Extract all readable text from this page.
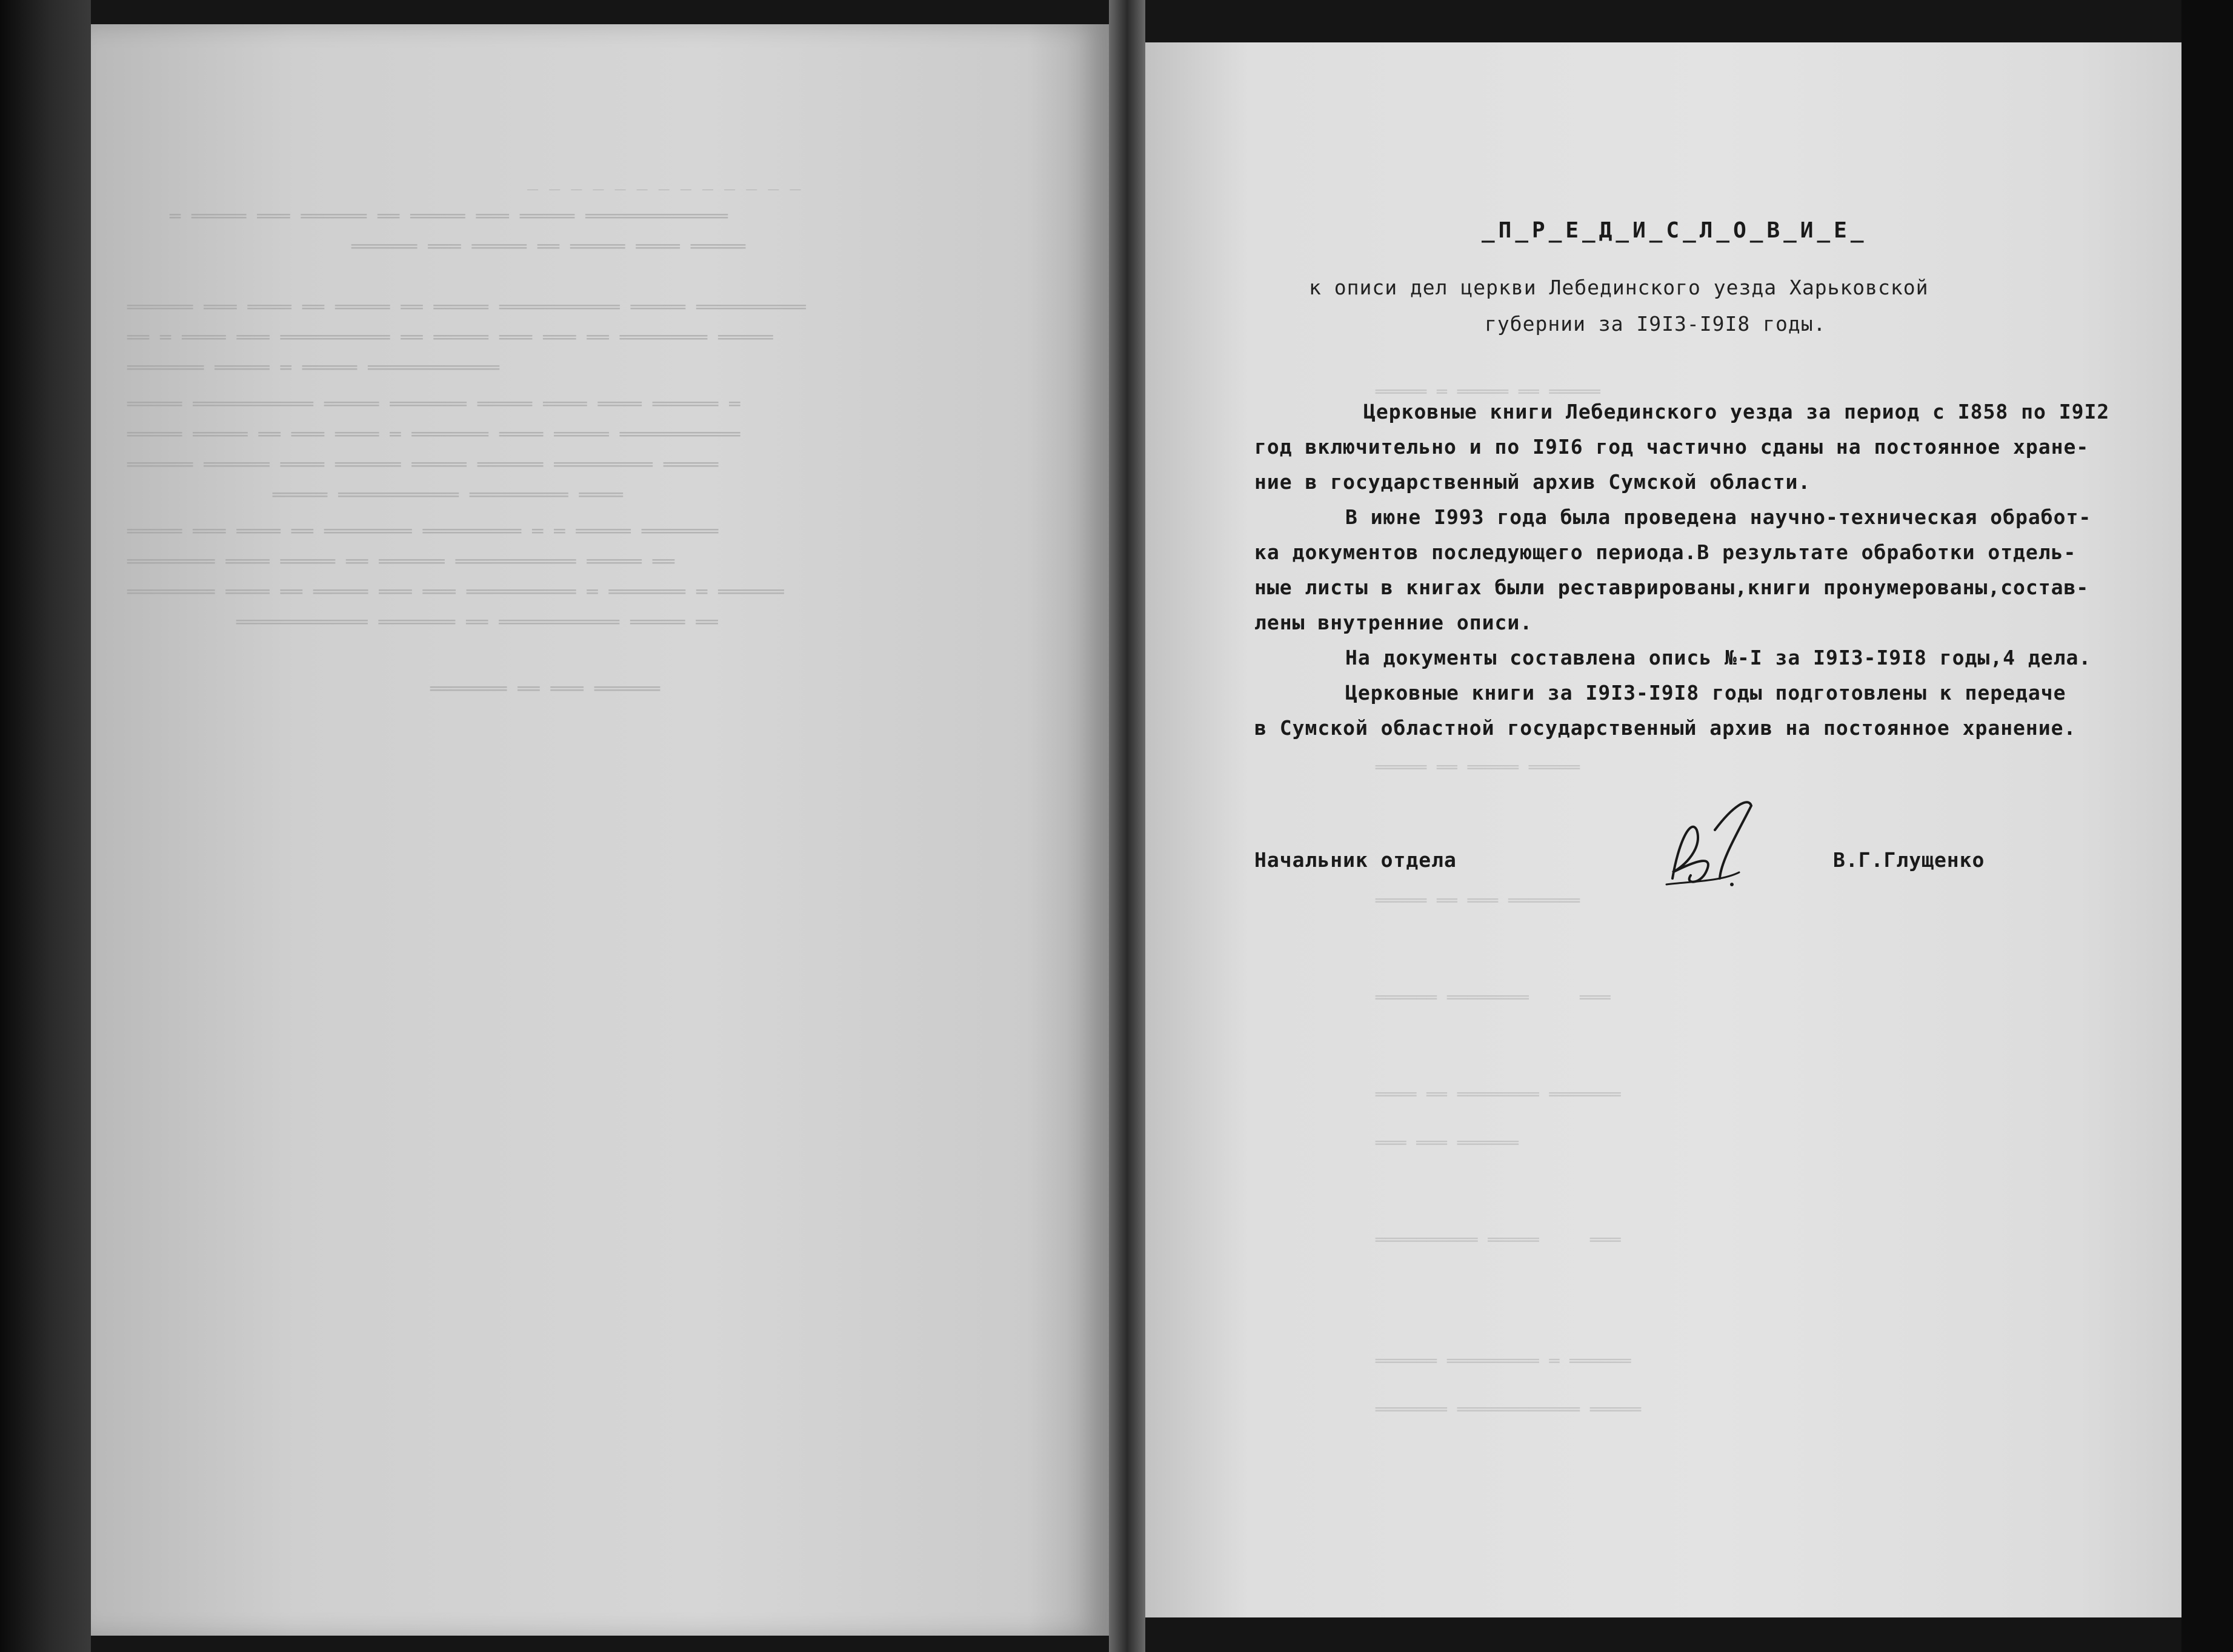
_ _ _ _ _ _ _ _ _ _ _ _ _
═════════════ ═════ ═══ ═════ ══ ══════ ═══ ═════ ═
═════ ════ ═════ ══ ═════ ═══ ══════
══════════ ═════ ═══════════ ═════ ══ ═════ ══ ════ ═══ ══════
═════ ════════ ══ ═══ ═══ ═════ ══ ══════════ ═══ ════ ═ ══
════════════ ═════ ═ ═════ ═══════
═ ══════ ════ ════ ═════ ═══════ ═════ ═══════════ ═════
═══════════ ═════ ════ ═══════ ═ ════ ═══ ══ ═════ ═════
═════ ═════════ ══════ ═════ ══════ ════ ══════ ══════
════ ═════════ ═══════════ ═════
═══════ ═════ ═ ═ ═════════ ════════ ══ ════ ═══ ═════
══ ═════ ═══════════ ══════ ══ ═════ ════ ════════
══════ ═ ═══════ ═ ══════════ ═══ ═══ ═════ ══ ════ ════════
══ ═════ ═══════════ ══ ═══════ ════════════
══════ ═══ ══ ═══════
═════ ═ ═════ ══ ═════
═════ ══ ═════ ═════
═════ ══ ═══ ═══════
══════ ════════     ═══
════ ══ ════════ ═══════
═══ ═══ ══════
══════════ ═════     ═══
══════ ═════════ ═ ══════
═══════ ════════════ ═════
_П_Р_Е_Д_И_С_Л_О_В_И_Е_
к описи дел церкви Лебединского уезда Харьковской
губернии за I9I3-I9I8 годы.
Церковные книги Лебединского уезда за период с I858 по I9I2
год включительно и по I9I6 год частично сданы на постоянное хране-
ние в государственный архив Сумской области.
В июне I993 года была проведена научно-техническая обработ-
ка документов последующего периода.В результате обработки отдель-
ные листы в книгах были реставрированы,книги пронумерованы,состав-
лены внутренние описи.
На документы составлена опись №-I за I9I3-I9I8 годы,4 дела.
Церковные книги за I9I3-I9I8 годы подготовлены к передаче
в Сумской областной государственный архив на постоянное хранение.
Начальник отдела	В.Г.Глущенко
